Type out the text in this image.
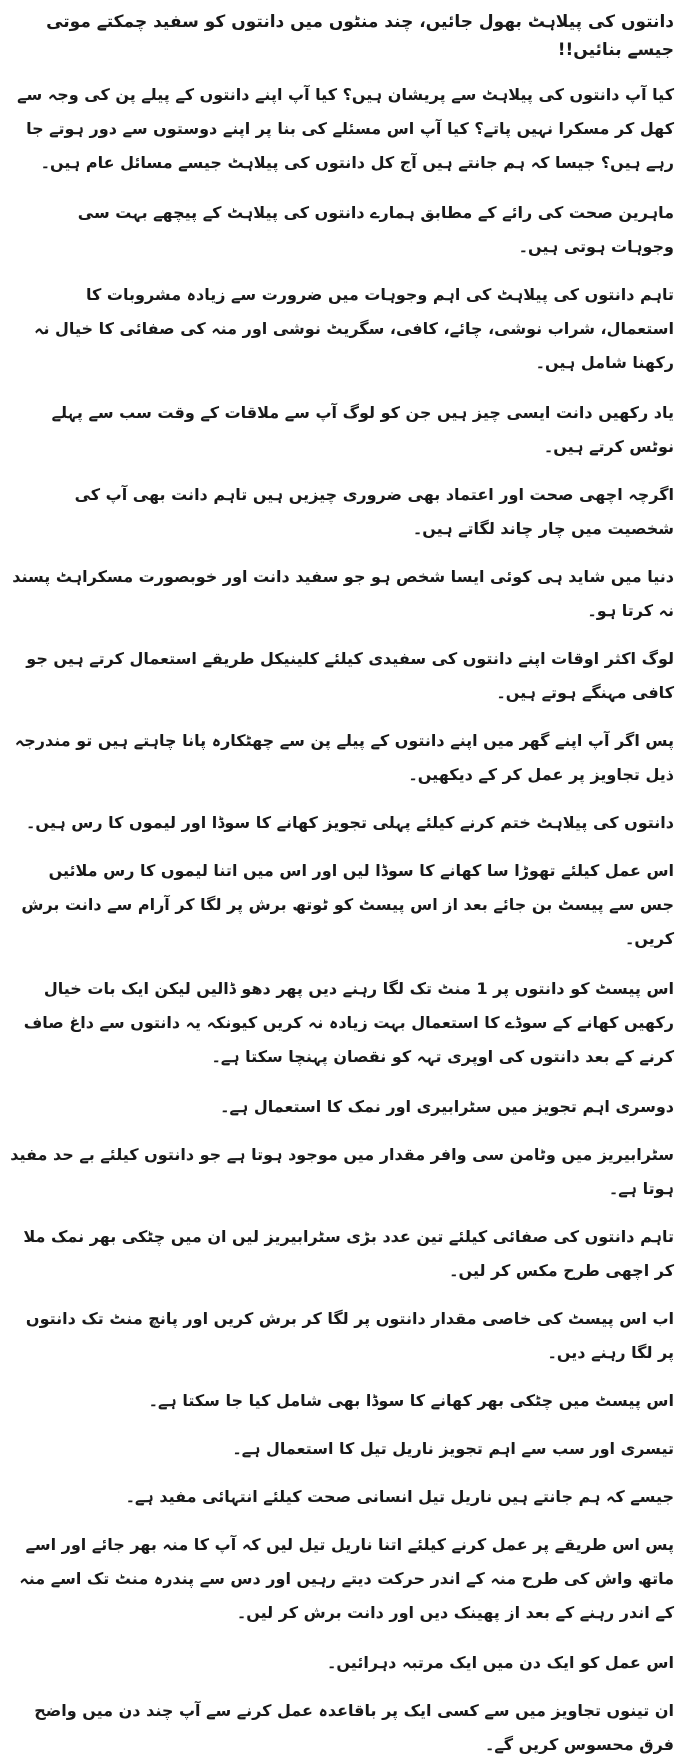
دانتوں کی پیلاہٹ بھول جائیں، چند منٹوں میں دانتوں کو سفید چمکتے موتی جیسے بنائیں!!

کیا آپ دانتوں کی پیلاہٹ سے پریشان ہیں؟ کیا آپ اپنے دانتوں کے پیلے پن کی وجہ سے کھل کر مسکرا نہیں پاتے؟ کیا آپ اس مسئلے کی بنا پر اپنے دوستوں سے دور ہوتے جا رہے ہیں؟ جیسا کہ ہم جانتے ہیں آج کل دانتوں کی پیلاہٹ جیسے مسائل عام ہیں۔

ماہرین صحت کی رائے کے مطابق ہمارے دانتوں کی پیلاہٹ کے پیچھے بہت سی وجوہات ہوتی ہیں۔

تاہم دانتوں کی پیلاہٹ کی اہم وجوہات میں ضرورت سے زیادہ مشروبات کا استعمال، شراب نوشی، چائے، کافی، سگریٹ نوشی اور منہ کی صفائی کا خیال نہ رکھنا شامل ہیں۔

یاد رکھیں دانت ایسی چیز ہیں جن کو لوگ آپ سے ملاقات کے وقت سب سے پہلے نوٹس کرتے ہیں۔

اگرچہ اچھی صحت اور اعتماد بھی ضروری چیزیں ہیں تاہم دانت بھی آپ کی شخصیت میں چار چاند لگاتے ہیں۔

دنیا میں شاید ہی کوئی ایسا شخص ہو جو سفید دانت اور خوبصورت مسکراہٹ پسند نہ کرتا ہو۔

لوگ اکثر اوقات اپنے دانتوں کی سفیدی کیلئے کلینیکل طریقے استعمال کرتے ہیں جو کافی مہنگے ہوتے ہیں۔

پس اگر آپ اپنے گھر میں اپنے دانتوں کے پیلے پن سے چھٹکارہ پانا چاہتے ہیں تو مندرجہ ذیل تجاویز پر عمل کر کے دیکھیں۔

دانتوں کی پیلاہٹ ختم کرنے کیلئے پہلی تجویز کھانے کا سوڈا اور لیموں کا رس ہیں۔

اس عمل کیلئے تھوڑا سا کھانے کا سوڈا لیں اور اس میں اتنا لیموں کا رس ملائیں جس سے پیسٹ بن جائے بعد از اس پیسٹ کو ٹوتھ برش پر لگا کر آرام سے دانت برش کریں۔

اس پیسٹ کو دانتوں پر 1 منٹ تک لگا رہنے دیں پھر دھو ڈالیں لیکن ایک بات خیال رکھیں کھانے کے سوڈے کا استعمال بہت زیادہ نہ کریں کیونکہ یہ دانتوں سے داغ صاف کرنے کے بعد دانتوں کی اوپری تہہ کو نقصان پہنچا سکتا ہے۔

دوسری اہم تجویز میں سٹرابیری اور نمک کا استعمال ہے۔

سٹرابیریز میں وٹامن سی وافر مقدار میں موجود ہوتا ہے جو دانتوں کیلئے بے حد مفید ہوتا ہے۔

تاہم دانتوں کی صفائی کیلئے تین عدد بڑی سٹرابیریز لیں ان میں چٹکی بھر نمک ملا کر اچھی طرح مکس کر لیں۔

اب اس پیسٹ کی خاصی مقدار دانتوں پر لگا کر برش کریں اور پانچ منٹ تک دانتوں پر لگا رہنے دیں۔

اس پیسٹ میں چٹکی بھر کھانے کا سوڈا بھی شامل کیا جا سکتا ہے۔

تیسری اور سب سے اہم تجویز ناریل تیل کا استعمال ہے۔

جیسے کہ ہم جانتے ہیں ناریل تیل انسانی صحت کیلئے انتہائی مفید ہے۔

پس اس طریقے پر عمل کرنے کیلئے اتنا ناریل تیل لیں کہ آپ کا منہ بھر جائے اور اسے ماتھ واش کی طرح منہ کے اندر حرکت دیتے رہیں اور دس سے پندرہ منٹ تک اسے منہ کے اندر رہنے کے بعد از پھینک دیں اور دانت برش کر لیں۔

اس عمل کو ایک دن میں ایک مرتبہ دہرائیں۔

ان تینوں تجاویز میں سے کسی ایک پر باقاعدہ عمل کرنے سے آپ چند دن میں واضح فرق محسوس کریں گے۔
